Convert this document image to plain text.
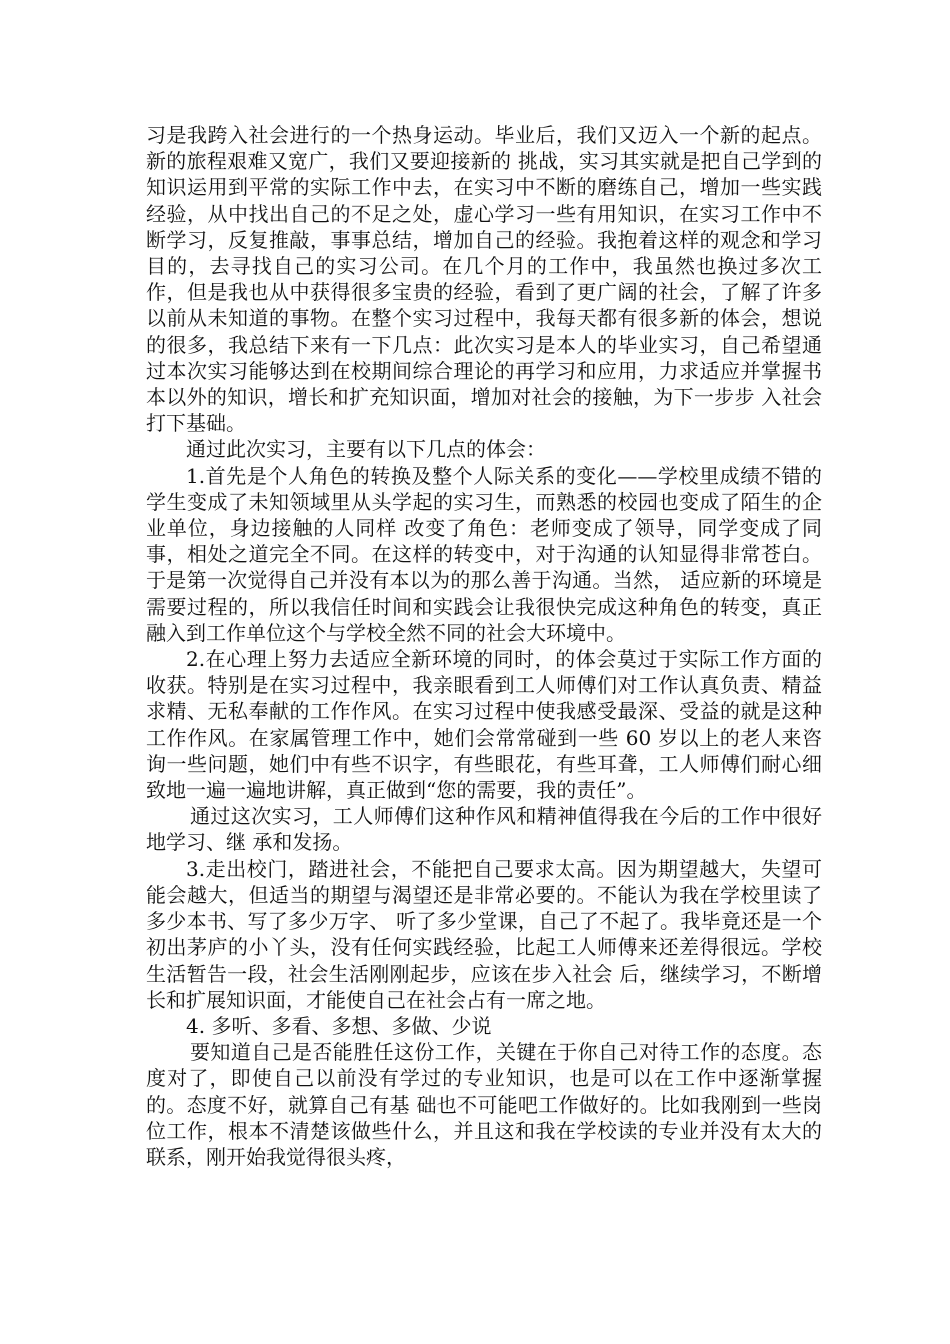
习是我跨入社会进行的一个热身运动。毕业后，我们又迈入一个新的起点。新的旅程艰难又宽广，我们又要迎接新的 挑战，实习其实就是把自己学到的知识运用到平常的实际工作中去，在实习中不断的磨练自己，增加一些实践经验，从中找出自己的不足之处，虚心学习一些有用知识，在实习工作中不断学习，反复推敲，事事总结，增加自己的经验。我抱着这样的观念和学习目的，去寻找自己的实习公司。在几个月的工作中，我虽然也换过多次工作，但是我也从中获得很多宝贵的经验，看到了更广阔的社会，了解了许多以前从未知道的事物。在整个实习过程中，我每天都有很多新的体会，想说的很多，我总结下来有一下几点：此次实习是本人的毕业实习，自己希望通过本次实习能够达到在校期间综合理论的再学习和应用，力求适应并掌握书本以外的知识，增长和扩充知识面，增加对社会的接触，为下一步步 入社会打下基础。

通过此次实习，主要有以下几点的体会：

1.首先是个人角色的转换及整个人际关系的变化——学校里成绩不错的学生变成了未知领域里从头学起的实习生，而熟悉的校园也变成了陌生的企业单位，身边接触的人同样 改变了角色：老师变成了领导，同学变成了同事，相处之道完全不同。在这样的转变中，对于沟通的认知显得非常苍白。于是第一次觉得自己并没有本以为的那么善于沟通。当然， 适应新的环境是需要过程的，所以我信任时间和实践会让我很快完成这种角色的转变，真正融入到工作单位这个与学校全然不同的社会大环境中。

2.在心理上努力去适应全新环境的同时，的体会莫过于实际工作方面的收获。特别是在实习过程中，我亲眼看到工人师傅们对工作认真负责、精益求精、无私奉献的工作作风。在实习过程中使我感受最深、受益的就是这种工作作风。在家属管理工作中，她们会常常碰到一些 60 岁以上的老人来咨询一些问题，她们中有些不识字，有些眼花，有些耳聋，工人师傅们耐心细致地一遍一遍地讲解，真正做到“您的需要，我的责任”。

通过这次实习，工人师傅们这种作风和精神值得我在今后的工作中很好地学习、继 承和发扬。

3.走出校门，踏进社会，不能把自己要求太高。因为期望越大，失望可能会越大，但适当的期望与渴望还是非常必要的。不能认为我在学校里读了多少本书、写了多少万字、 听了多少堂课，自己了不起了。我毕竟还是一个初出茅庐的小丫头，没有任何实践经验，比起工人师傅来还差得很远。学校生活暂告一段，社会生活刚刚起步，应该在步入社会 后，继续学习，不断增长和扩展知识面，才能使自己在社会占有一席之地。

4. 多听、多看、多想、多做、少说

要知道自己是否能胜任这份工作，关键在于你自己对待工作的态度。态度对了，即使自己以前没有学过的专业知识，也是可以在工作中逐渐掌握的。态度不好，就算自己有基 础也不可能吧工作做好的。比如我刚到一些岗位工作，根本不清楚该做些什么，并且这和我在学校读的专业并没有太大的联系，刚开始我觉得很头疼，
